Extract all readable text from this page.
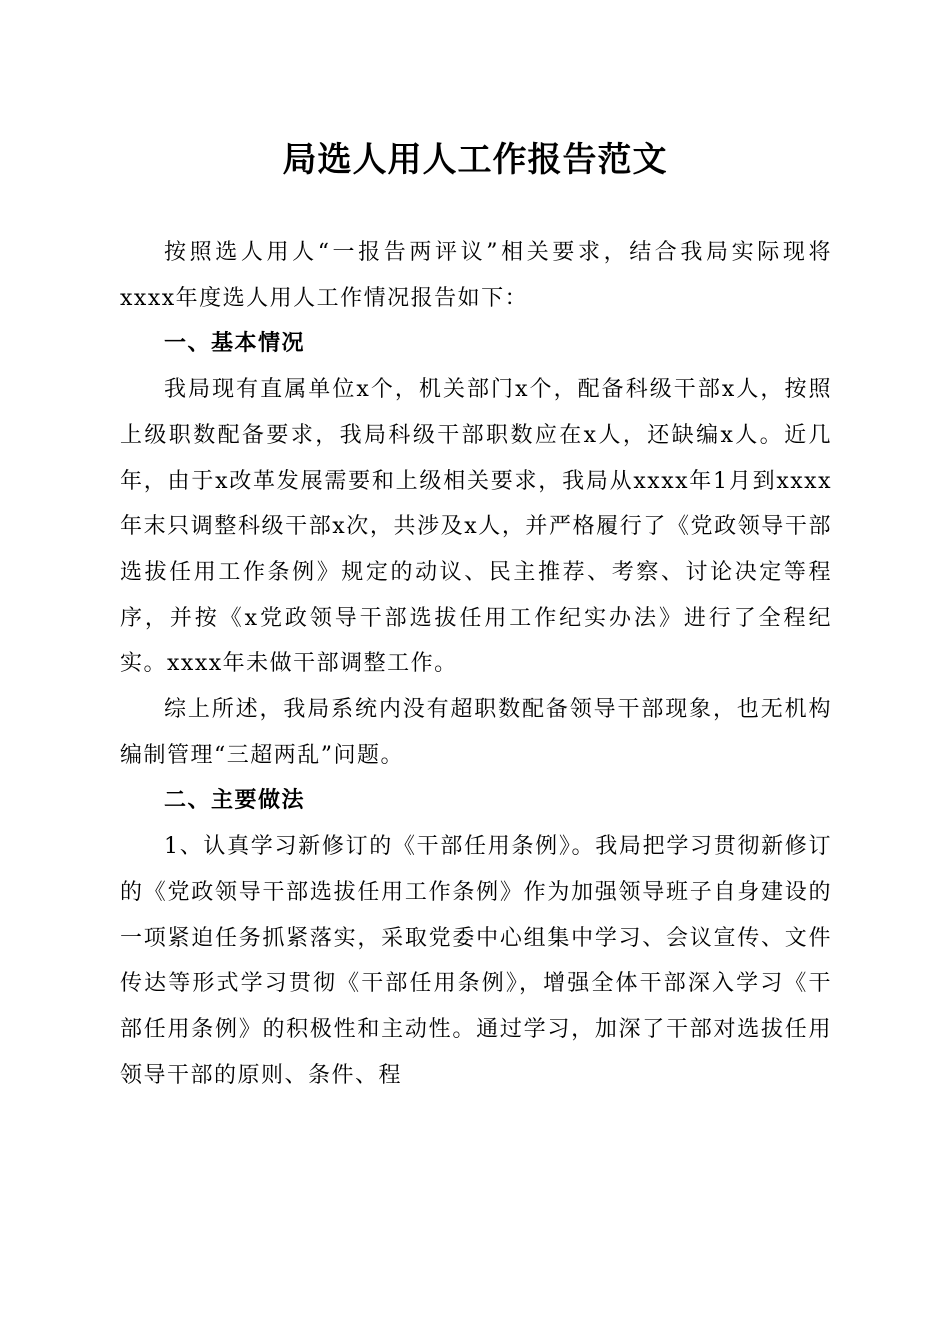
局选人用人工作报告范文

按照选人用人“一报告两评议”相关要求，结合我局实际现将xxxx年度选人用人工作情况报告如下：

一、基本情况

我局现有直属单位x个，机关部门x个，配备科级干部x人，按照上级职数配备要求，我局科级干部职数应在x人，还缺编x人。近几年，由于x改革发展需要和上级相关要求，我局从xxxx年1月到xxxx年末只调整科级干部x次，共涉及x人，并严格履行了《党政领导干部选拔任用工作条例》规定的动议、民主推荐、考察、讨论决定等程序，并按《x党政领导干部选拔任用工作纪实办法》进行了全程纪实。xxxx年未做干部调整工作。

综上所述，我局系统内没有超职数配备领导干部现象，也无机构编制管理“三超两乱”问题。

二、主要做法

1、认真学习新修订的《干部任用条例》。我局把学习贯彻新修订的《党政领导干部选拔任用工作条例》作为加强领导班子自身建设的一项紧迫任务抓紧落实，采取党委中心组集中学习、会议宣传、文件传达等形式学习贯彻《干部任用条例》，增强全体干部深入学习《干部任用条例》的积极性和主动性。通过学习，加深了干部对选拔任用领导干部的原则、条件、程
